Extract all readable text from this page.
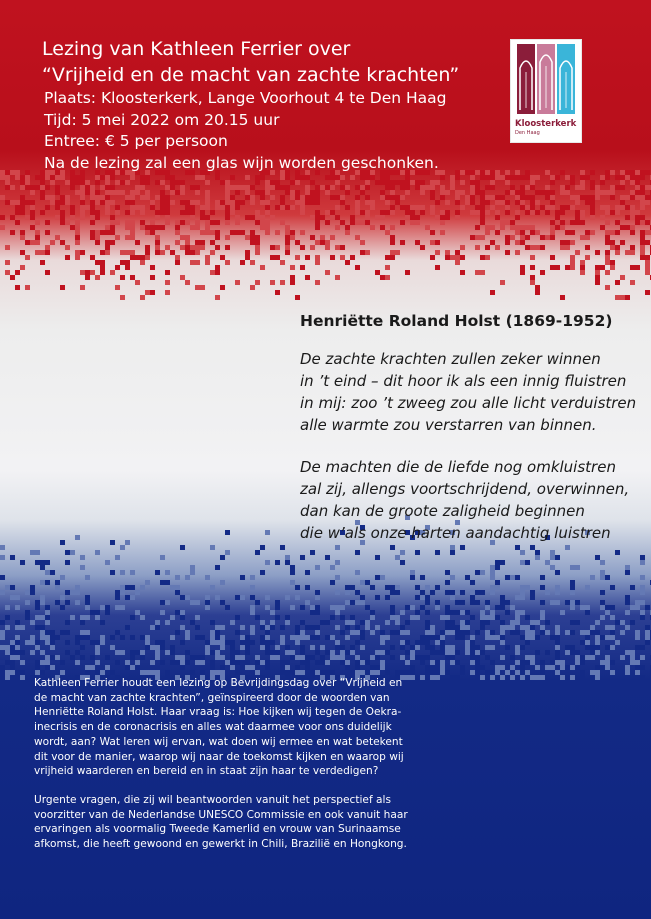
Lezing van Kathleen Ferrier over

“Vrijheid en de macht van zachte krachten”

Plaats: Kloosterkerk, Lange Voorhout 4 te Den Haag

Tijd: 5 mei 2022 om 20.15 uur

Entree: € 5 per persoon

Na de lezing zal een glas wijn worden geschonken.

Kloosterkerk
Den Haag

Henriëtte Roland Holst (1869-1952)

De zachte krachten zullen zeker winnen
in ’t eind – dit hoor ik als een innig fluistren
in mij: zoo ’t zweeg zou alle licht verduistren
alle warmte zou verstarren van binnen.
De machten die de liefde nog omkluistren
zal zij, allengs voortschrijdend, overwinnen,
dan kan de groote zaligheid beginnen
die w’als onze harten aandachtig luistren

Kathleen Ferrier houdt een lezing op Bevrijdingsdag over “Vrijheid en
de macht van zachte krachten”, geïnspireerd door de woorden van
Henriëtte Roland Holst. Haar vraag is: Hoe kijken wij tegen de Oekra-
inecrisis en de coronacrisis en alles wat daarmee voor ons duidelijk
wordt, aan? Wat leren wij ervan, wat doen wij ermee en wat betekent
dit voor de manier, waarop wij naar de toekomst kijken en waarop wij
vrijheid waarderen en bereid en in staat zijn haar te verdedigen?

Urgente vragen, die zij wil beantwoorden vanuit het perspectief als
voorzitter van de Nederlandse UNESCO Commissie en ook vanuit haar
ervaringen als voormalig Tweede Kamerlid en vrouw van Surinaamse
afkomst, die heeft gewoond en gewerkt in Chili, Brazilië en Hongkong.
